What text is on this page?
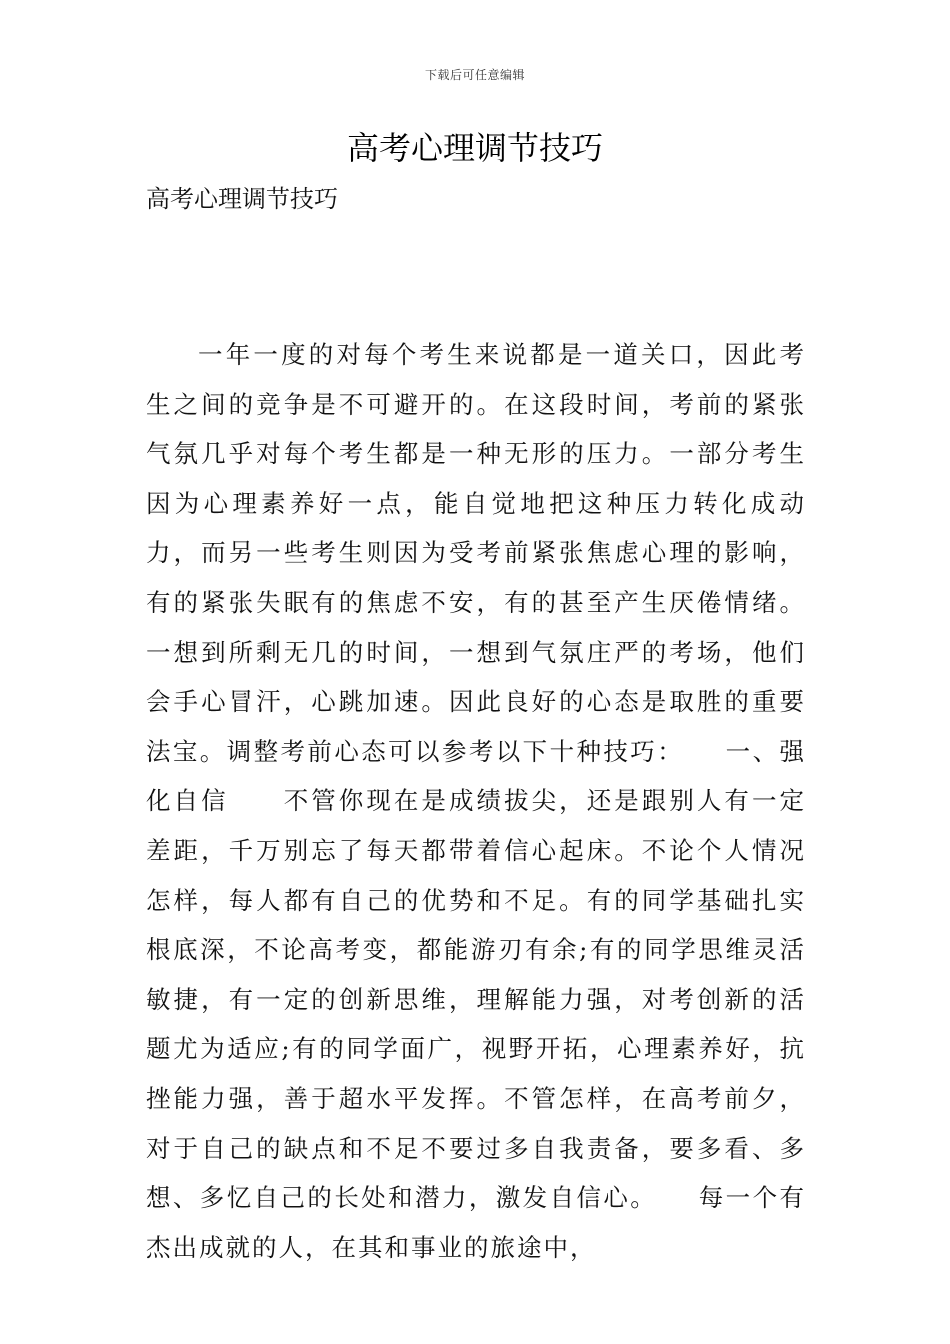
下载后可任意编辑
高考心理调节技巧
高考心理调节技巧

一年一度的对每个考生来说都是一道关口，因此考生之间的竞争是不可避开的。在这段时间，考前的紧张气氛几乎对每个考生都是一种无形的压力。一部分考生因为心理素养好一点，能自觉地把这种压力转化成动力，而另一些考生则因为受考前紧张焦虑心理的影响，有的紧张失眠有的焦虑不安，有的甚至产生厌倦情绪。一想到所剩无几的时间，一想到气氛庄严的考场，他们会手心冒汗，心跳加速。因此良好的心态是取胜的重要法宝。调整考前心态可以参考以下十种技巧：　　一、强化自信　　不管你现在是成绩拔尖，还是跟别人有一定差距，千万别忘了每天都带着信心起床。不论个人情况怎样，每人都有自己的优势和不足。有的同学基础扎实根底深，不论高考变，都能游刃有余;有的同学思维灵活敏捷，有一定的创新思维，理解能力强，对考创新的活题尤为适应;有的同学面广，视野开拓，心理素养好，抗挫能力强，善于超水平发挥。不管怎样，在高考前夕，对于自己的缺点和不足不要过多自我责备，要多看、多想、多忆自己的长处和潜力，激发自信心。　　每一个有杰出成就的人，在其和事业的旅途中，
